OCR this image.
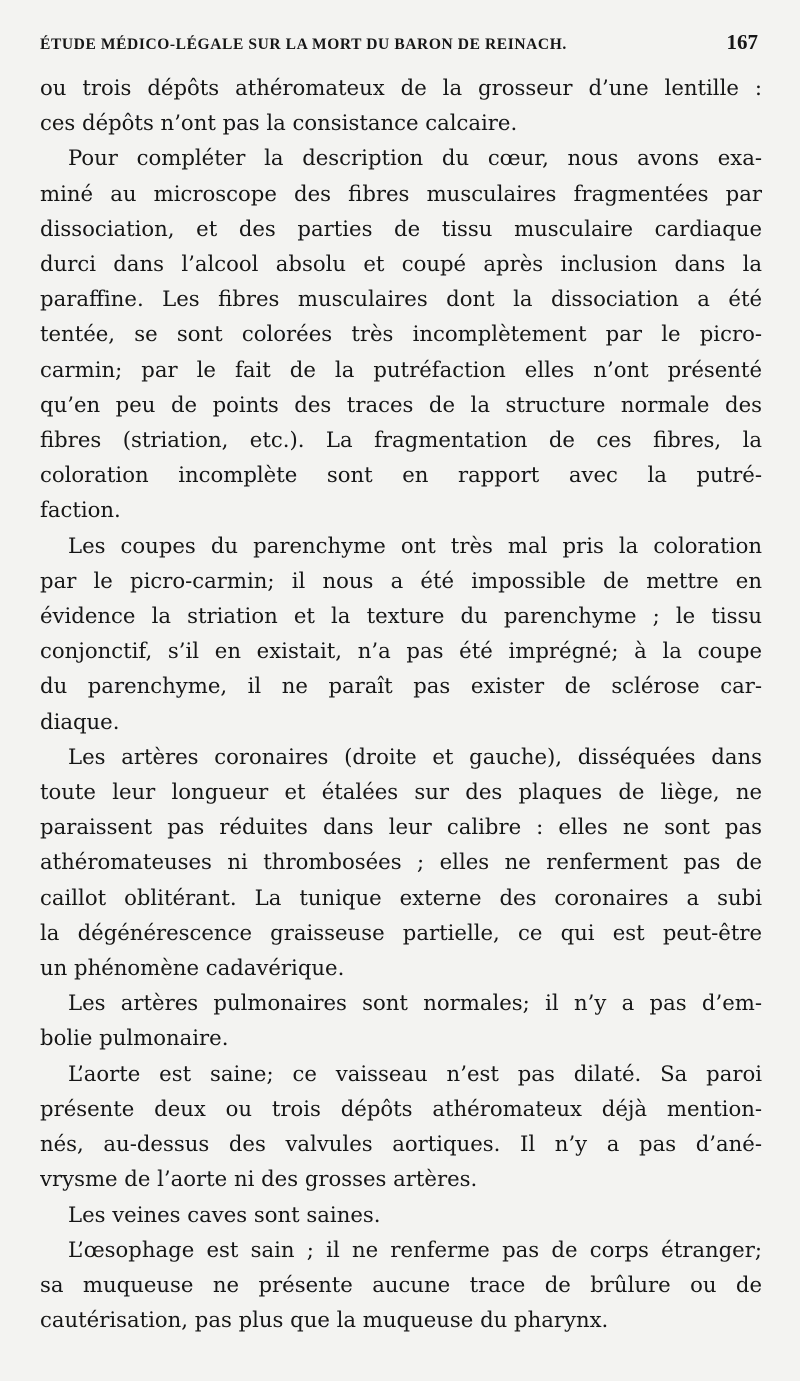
ÉTUDE MÉDICO-LÉGALE SUR LA MORT DU BARON DE REINACH.	167
ou trois dépôts athéromateux de la grosseur d’une lentille :
ces dépôts n’ont pas la consistance calcaire.
Pour compléter la description du cœur, nous avons exa-
miné au microscope des fibres musculaires fragmentées par
dissociation, et des parties de tissu musculaire cardiaque
durci dans l’alcool absolu et coupé après inclusion dans la
paraffine. Les fibres musculaires dont la dissociation a été
tentée, se sont colorées très incomplètement par le picro-
carmin; par le fait de la putréfaction elles n’ont présenté
qu’en peu de points des traces de la structure normale des
fibres (striation, etc.). La fragmentation de ces fibres, la
coloration incomplète sont en rapport avec la putré-
faction.
Les coupes du parenchyme ont très mal pris la coloration
par le picro-carmin; il nous a été impossible de mettre en
évidence la striation et la texture du parenchyme ; le tissu
conjonctif, s’il en existait, n’a pas été imprégné; à la coupe
du parenchyme, il ne paraît pas exister de sclérose car-
diaque.
Les artères coronaires (droite et gauche), disséquées dans
toute leur longueur et étalées sur des plaques de liège, ne
paraissent pas réduites dans leur calibre : elles ne sont pas
athéromateuses ni thrombosées ; elles ne renferment pas de
caillot oblitérant. La tunique externe des coronaires a subi
la dégénérescence graisseuse partielle, ce qui est peut-être
un phénomène cadavérique.
Les artères pulmonaires sont normales; il n’y a pas d’em-
bolie pulmonaire.
L’aorte est saine; ce vaisseau n’est pas dilaté. Sa paroi
présente deux ou trois dépôts athéromateux déjà mention-
nés, au-dessus des valvules aortiques. Il n’y a pas d’ané-
vrysme de l’aorte ni des grosses artères.
Les veines caves sont saines.
L’œsophage est sain ; il ne renferme pas de corps étranger;
sa muqueuse ne présente aucune trace de brûlure ou de
cautérisation, pas plus que la muqueuse du pharynx.
